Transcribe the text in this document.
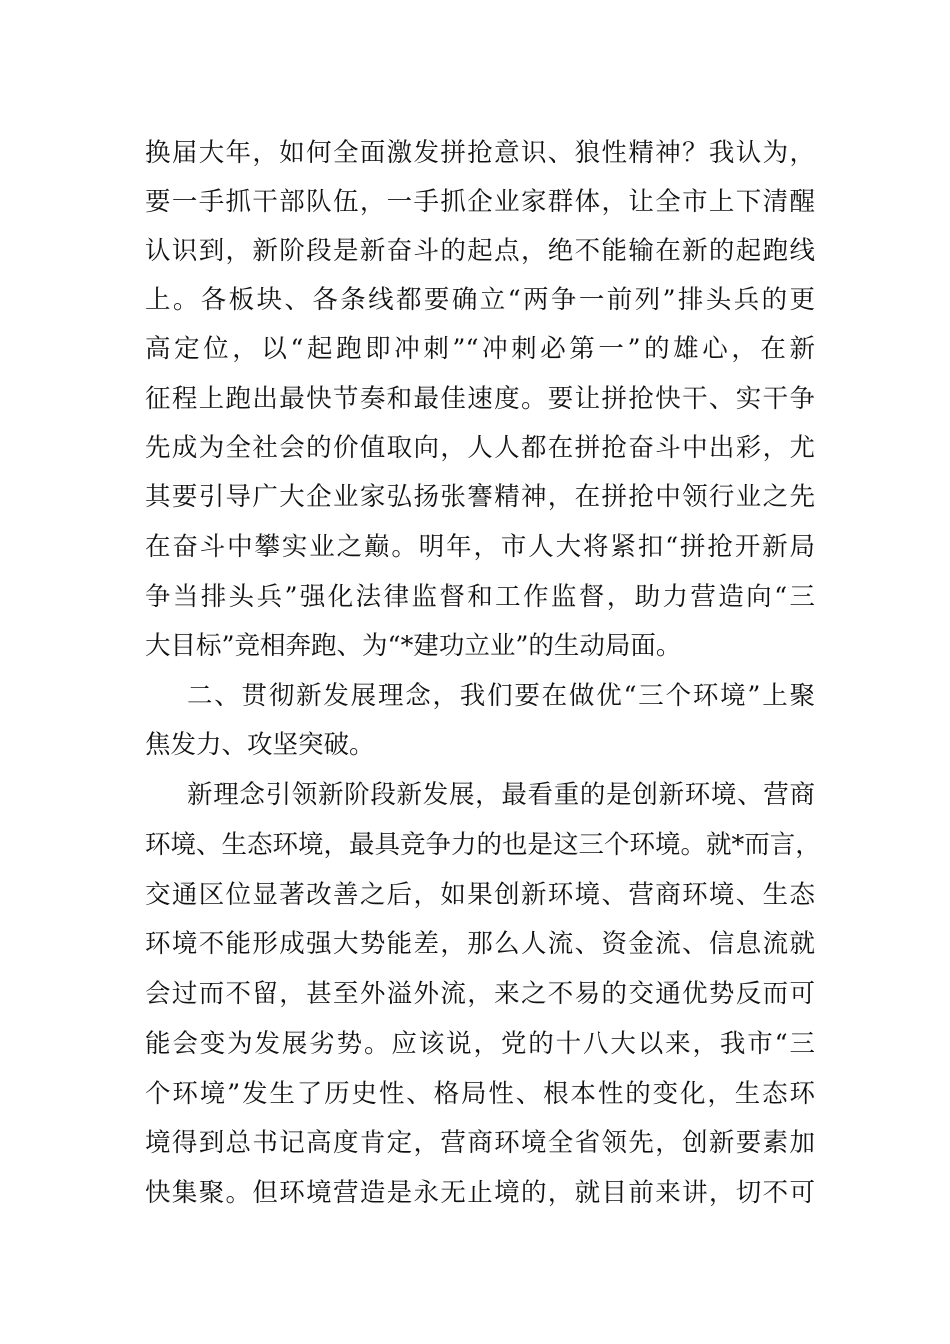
换届大年，如何全面激发拼抢意识、狼性精神？我认为，
要一手抓干部队伍，一手抓企业家群体，让全市上下清醒
认识到，新阶段是新奋斗的起点，绝不能输在新的起跑线
上。各板块、各条线都要确立“两争一前列”排头兵的更
高定位，以“起跑即冲刺”“冲刺必第一”的雄心，在新
征程上跑出最快节奏和最佳速度。要让拼抢快干、实干争
先成为全社会的价值取向，人人都在拼抢奋斗中出彩，尤
其要引导广大企业家弘扬张謇精神，在拼抢中领行业之先
在奋斗中攀实业之巅。明年，市人大将紧扣“拼抢开新局
争当排头兵”强化法律监督和工作监督，助力营造向“三
大目标”竞相奔跑、为“*建功立业”的生动局面。
二、贯彻新发展理念，我们要在做优“三个环境”上聚
焦发力、攻坚突破。
新理念引领新阶段新发展，最看重的是创新环境、营商
环境、生态环境，最具竞争力的也是这三个环境。就*而言，
交通区位显著改善之后，如果创新环境、营商环境、生态
环境不能形成强大势能差，那么人流、资金流、信息流就
会过而不留，甚至外溢外流，来之不易的交通优势反而可
能会变为发展劣势。应该说，党的十八大以来，我市“三
个环境”发生了历史性、格局性、根本性的变化，生态环
境得到总书记高度肯定，营商环境全省领先，创新要素加
快集聚。但环境营造是永无止境的，就目前来讲，切不可
